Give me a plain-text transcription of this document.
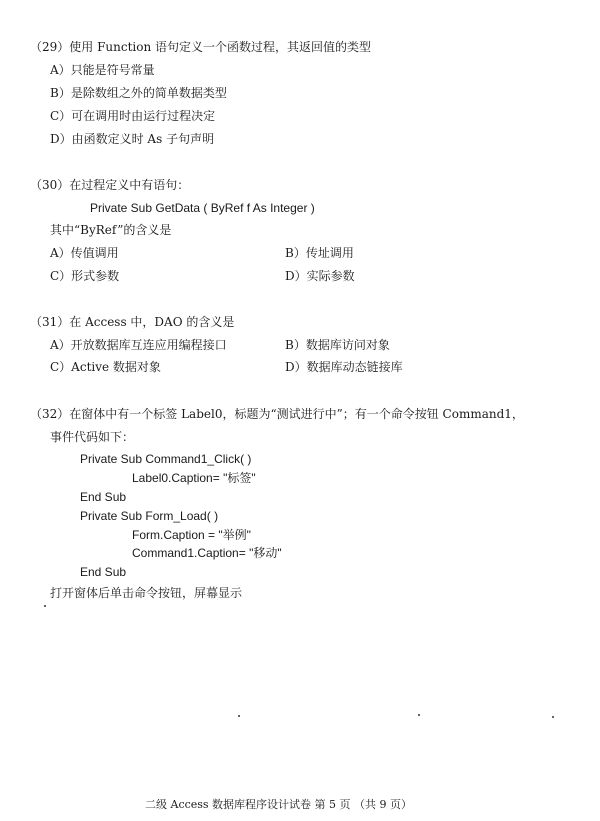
（29）使用 Function 语句定义一个函数过程，其返回值的类型
A）只能是符号常量
B）是除数组之外的简单数据类型
C）可在调用时由运行过程决定
D）由函数定义时 As 子句声明
（30）在过程定义中有语句：
Private Sub GetData ( ByRef f As Integer )
其中“ByRef”的含义是
A）传值调用	B）传址调用
C）形式参数	D）实际参数
（31）在 Access 中，DAO 的含义是
A）开放数据库互连应用编程接口	B）数据库访问对象
C）Active 数据对象	D）数据库动态链接库
（32）在窗体中有一个标签 Label0，标题为“测试进行中”；有一个命令按钮 Command1，
事件代码如下：
Private Sub Command1_Click( )
Label0.Caption= "标签"
End Sub
Private Sub Form_Load( )
Form.Caption = "举例"
Command1.Caption= "移动"
End Sub
打开窗体后单击命令按钮，屏幕显示
二级 Access 数据库程序设计试卷 第 5 页 （共 9 页）
